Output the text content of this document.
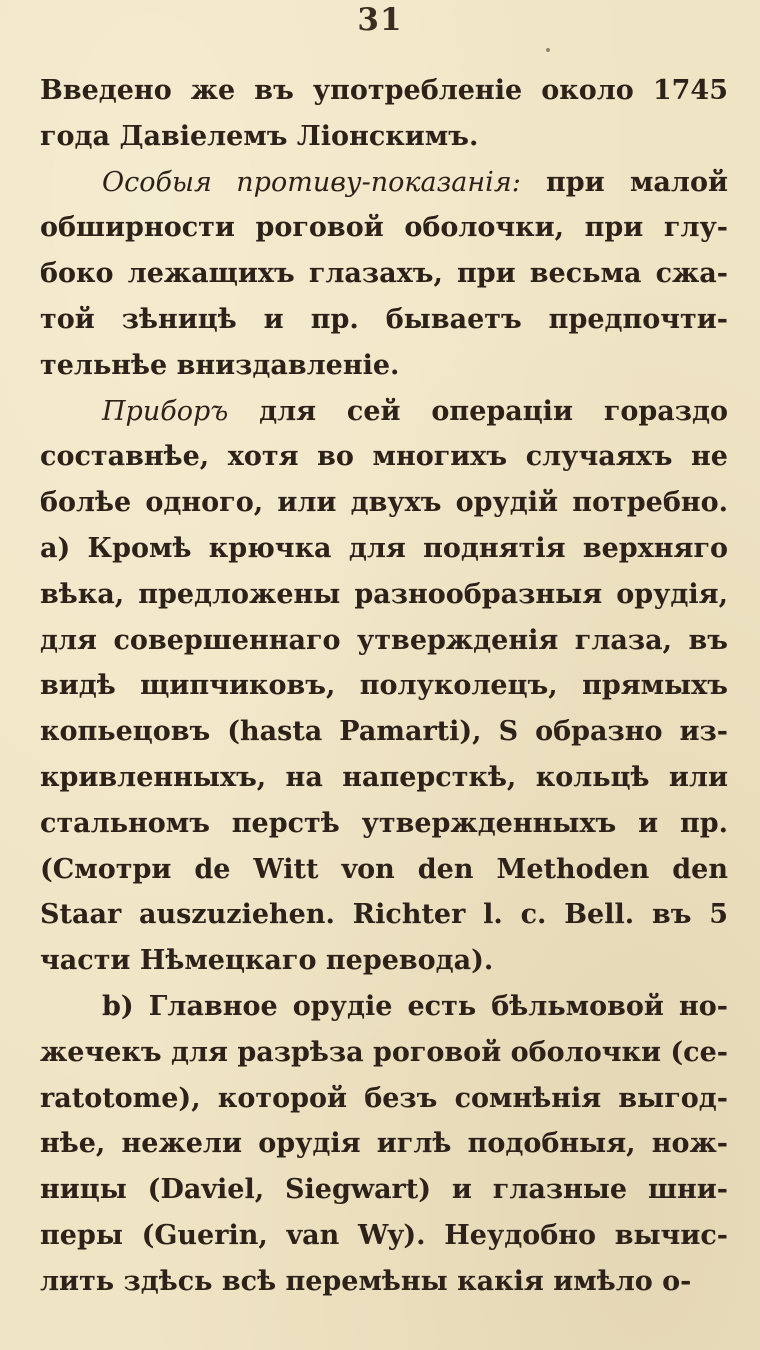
31
Введено же въ употребленіе около 1745
года Давіелемъ Ліонскимъ.
Особыя противу-показанія: при малой
обширности роговой оболочки, при глу-
боко лежащихъ глазахъ, при весьма сжа-
той зѣницѣ и пр. бываетъ предпочти-
тельнѣе вниздавленіе.
Приборъ для сей операціи гораздо
составнѣе, хотя во многихъ случаяхъ не
болѣе одного, или двухъ орудій потребно.
a) Кромѣ крючка для поднятія верхняго
вѣка, предложены разнообразныя орудія,
для совершеннаго утвержденія глаза, въ
видѣ щипчиковъ, полуколецъ, прямыхъ
копьецовъ (hasta Pamarti), S образно из-
кривленныхъ, на наперсткѣ, кольцѣ или
стальномъ перстѣ утвержденныхъ и пр.
(Смотри de Witt von den Methoden den
Staar auszuziehen. Richter l. c. Bell. въ 5
части Нѣмецкаго перевода).
b) Главное орудіе есть бѣльмовой но-
жечекъ для разрѣза роговой оболочки (ce-
ratotome), которой безъ сомнѣнія выгод-
нѣе, нежели орудія иглѣ подобныя, нож-
ницы (Daviel, Siegwart) и глазные шни-
перы (Guerin, van Wy). Неудобно вычис-
лить здѣсь всѣ перемѣны какія имѣло о-
